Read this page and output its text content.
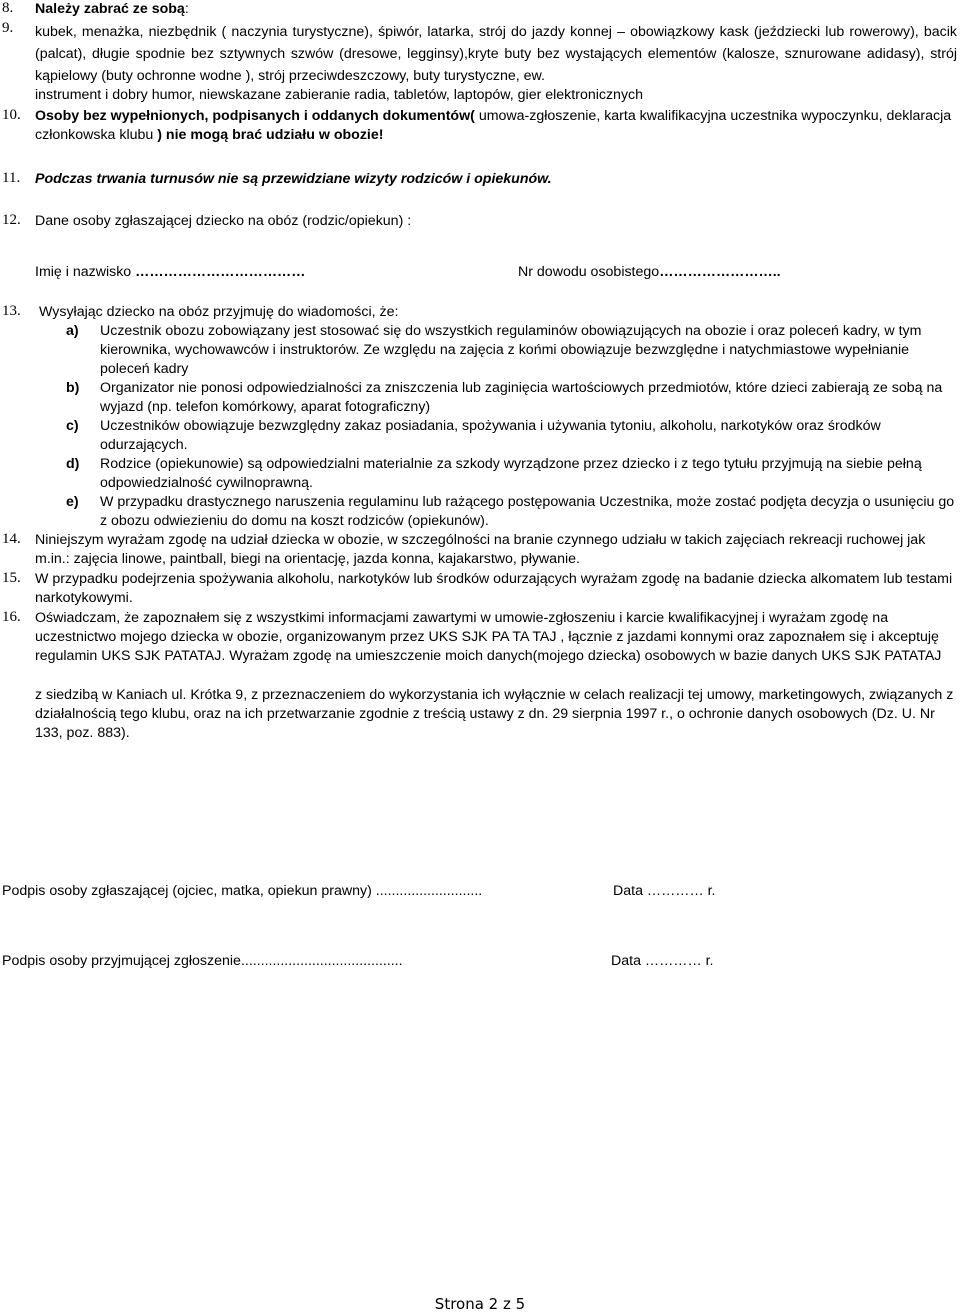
8. Należy zabrać ze sobą:
9. kubek, menażka, niezbędnik ( naczynia turystyczne), śpiwór, latarka, strój do jazdy konnej – obowiązkowy kask (jeździecki lub rowerowy), bacik (palcat), długie spodnie bez sztywnych szwów (dresowe, legginsy),kryte buty bez wystających elementów (kalosze, sznurowane adidasy), strój kąpielowy (buty ochronne wodne ), strój przeciwdeszczowy, buty turystyczne, ew.
instrument i dobry humor, niewskazane zabieranie radia, tabletów, laptopów, gier elektronicznych
10. Osoby bez wypełnionych, podpisanych i oddanych dokumentów( umowa-zgłoszenie, karta kwalifikacyjna uczestnika wypoczynku, deklaracja członkowska klubu ) nie mogą brać udziału w obozie!
11. Podczas trwania turnusów nie są przewidziane wizyty rodziców i opiekunów.
12. Dane osoby zgłaszającej dziecko na obóz (rodzic/opiekun) :
Imię i nazwisko ………………………………	Nr dowodu osobistego……………………..
13. Wysyłając dziecko na obóz przyjmuję do wiadomości, że:
a) Uczestnik obozu zobowiązany jest stosować się do wszystkich regulaminów obowiązujących na obozie i oraz poleceń kadry, w tym kierownika, wychowawców i instruktorów. Ze względu na zajęcia z końmi obowiązuje bezwzględne i natychmiastowe wypełnianie poleceń kadry
b) Organizator nie ponosi odpowiedzialności za zniszczenia lub zaginięcia wartościowych przedmiotów, które dzieci zabierają ze sobą na wyjazd (np. telefon komórkowy, aparat fotograficzny)
c) Uczestników obowiązuje bezwzględny zakaz posiadania, spożywania i używania tytoniu, alkoholu, narkotyków oraz środków odurzających.
d) Rodzice (opiekunowie) są odpowiedzialni materialnie za szkody wyrządzone przez dziecko i z tego tytułu przyjmują na siebie pełną odpowiedzialność cywilnoprawną.
e) W przypadku drastycznego naruszenia regulaminu lub rażącego postępowania Uczestnika, może zostać podjęta decyzja o usunięciu go z obozu odwiezieniu do domu na koszt rodziców (opiekunów).
14. Niniejszym wyrażam zgodę na udział dziecka w obozie, w szczególności na branie czynnego udziału w takich zajęciach rekreacji ruchowej jak m.in.: zajęcia linowe, paintball, biegi na orientację, jazda konna, kajakarstwo, pływanie.
15. W przypadku podejrzenia spożywania alkoholu, narkotyków lub środków odurzających wyrażam zgodę na badanie dziecka alkomatem lub testami narkotykowymi.
16. Oświadczam, że zapoznałem się z wszystkimi informacjami zawartymi w umowie-zgłoszeniu i karcie kwalifikacyjnej i wyrażam zgodę na uczestnictwo mojego dziecka w obozie, organizowanym przez UKS SJK PA TA TAJ , łącznie z jazdami konnymi oraz zapoznałem się i akceptuję regulamin UKS SJK PATATAJ. Wyrażam zgodę na umieszczenie moich danych(mojego dziecka) osobowych w bazie danych UKS SJK PATATAJ
z siedzibą w Kaniach ul. Krótka 9, z przeznaczeniem do wykorzystania ich wyłącznie w celach realizacji tej umowy, marketingowych, związanych z działalnością tego klubu, oraz na ich przetwarzanie zgodnie z treścią ustawy z dn. 29 sierpnia 1997 r., o ochronie danych osobowych (Dz. U. Nr 133, poz. 883).
Podpis osoby zgłaszającej (ojciec, matka, opiekun prawny) ...........................	Data ………… r.
Podpis osoby przyjmującej zgłoszenie.........................................	Data ………… r.
Strona 2 z 5
